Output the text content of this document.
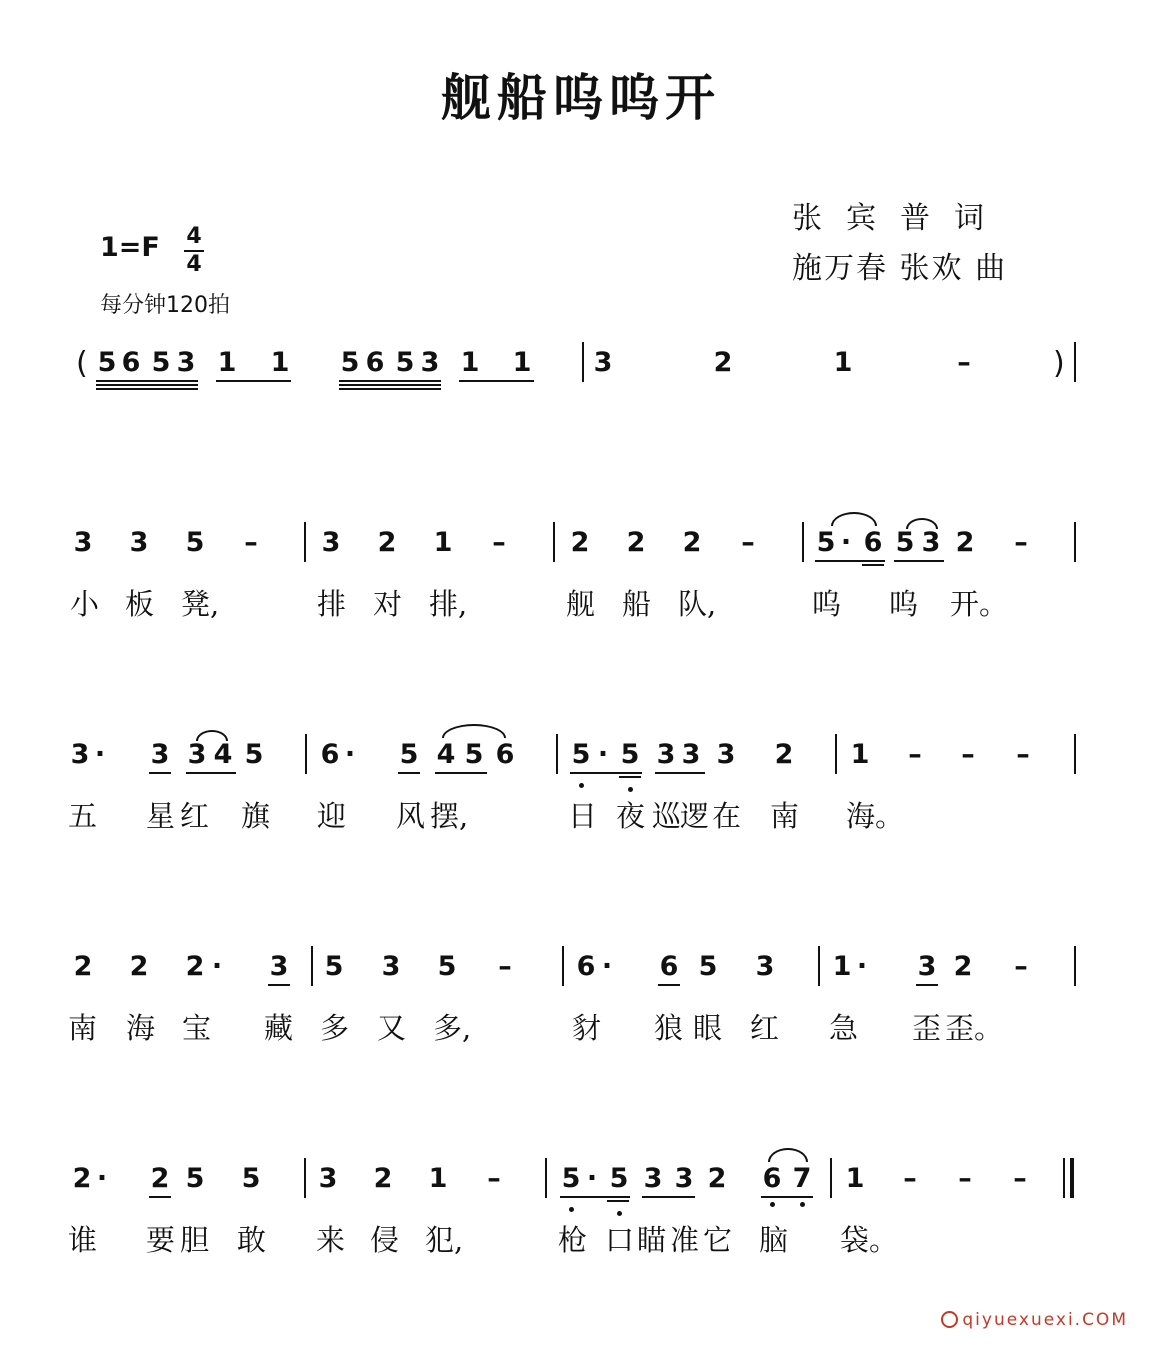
舰船呜呜开
张宾普词
施万春 张欢 曲
1=F 4
4
每分钟120拍
( 5 6 5 3 1 1 5 6 5 3 1 1 3	2	1	–	)
3 3 5 – 3 2 1 – 2 2 2 – 5 · 6 5 3 2 –
小 板 凳,	排 对 排,	舰 船 队,	呜 呜 开。
3 · 3 3 4 5 6 · 5 4 5 6 5 · 5 3 3 3 2 1 – – –
五 星 红 旗 迎 风 摆,	日 夜 巡
逻 在 南 海。
2 2 2 · 3 5 3 5 – 6 · 6 5 3 1 · 3 2 –
南 海 宝 藏 多 又 多,	豺 狼 眼 红 急 歪 歪。
2 · 2 5 5 3 2 1 – 5 · 5 3 3 2 6 7 1 – – –
谁 要 胆 敢 来 侵 犯,	枪 口 瞄 准 它 脑 袋。
qiyuexuexi.COM
